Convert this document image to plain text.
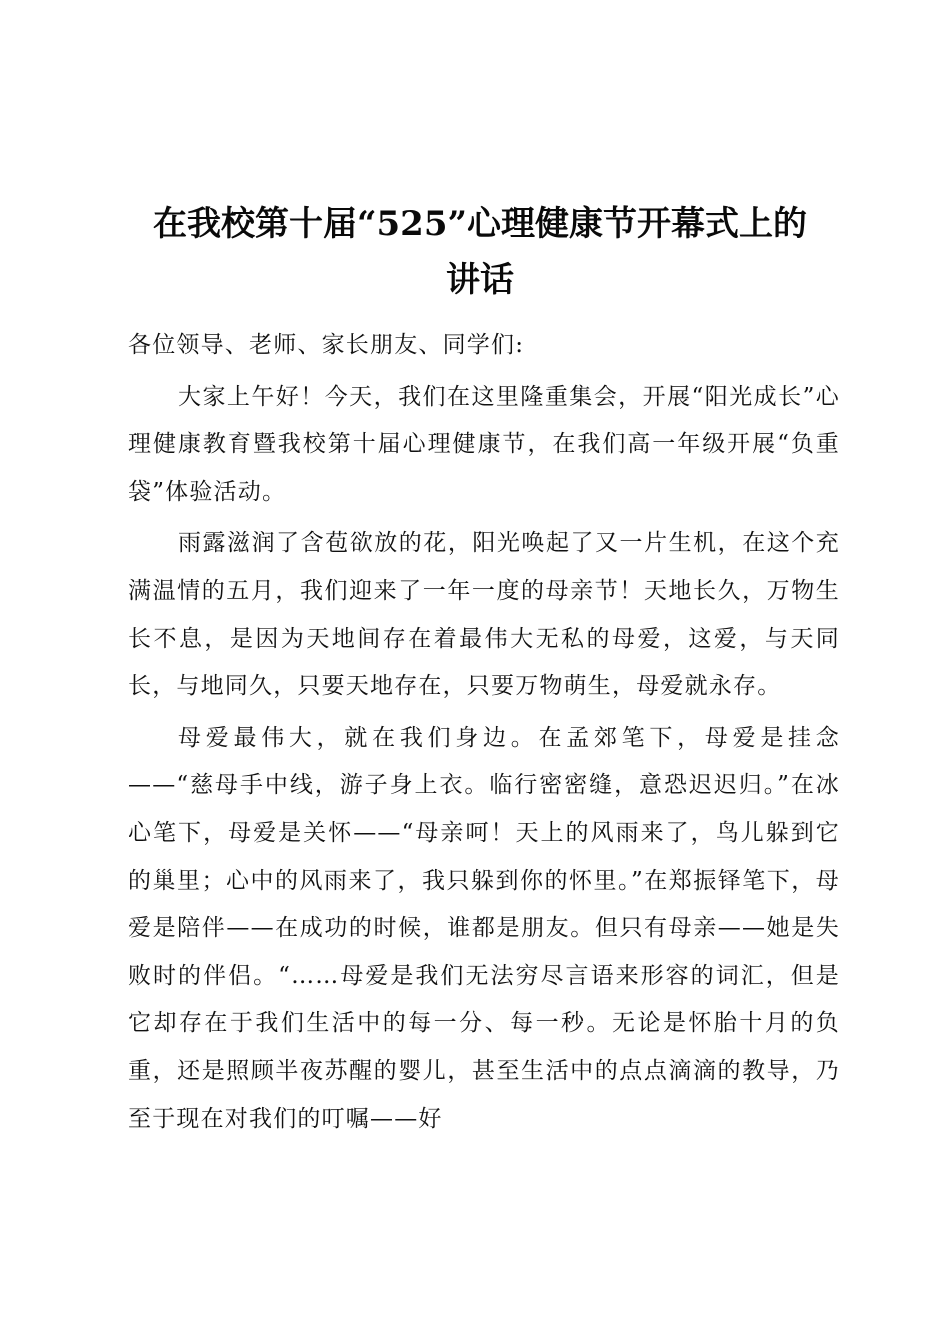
在我校第十届“525”心理健康节开幕式上的
讲话

各位领导、老师、家长朋友、同学们:

大家上午好！今天，我们在这里隆重集会，开展“阳光成长”心理健康教育暨我校第十届心理健康节，在我们高一年级开展“负重袋”体验活动。

雨露滋润了含苞欲放的花，阳光唤起了又一片生机，在这个充满温情的五月，我们迎来了一年一度的母亲节！天地长久，万物生长不息，是因为天地间存在着最伟大无私的母爱，这爱，与天同长，与地同久，只要天地存在，只要万物萌生，母爱就永存。

母爱最伟大，就在我们身边。在孟郊笔下，母爱是挂念——“慈母手中线，游子身上衣。临行密密缝，意恐迟迟归。”在冰心笔下，母爱是关怀——“母亲呵！天上的风雨来了，鸟儿躲到它的巢里；心中的风雨来了，我只躲到你的怀里。”在郑振铎笔下，母爱是陪伴——在成功的时候，谁都是朋友。但只有母亲——她是失败时的伴侣。“……母爱是我们无法穷尽言语来形容的词汇，但是它却存在于我们生活中的每一分、每一秒。无论是怀胎十月的负重，还是照顾半夜苏醒的婴儿，甚至生活中的点点滴滴的教导，乃至于现在对我们的叮嘱——好
